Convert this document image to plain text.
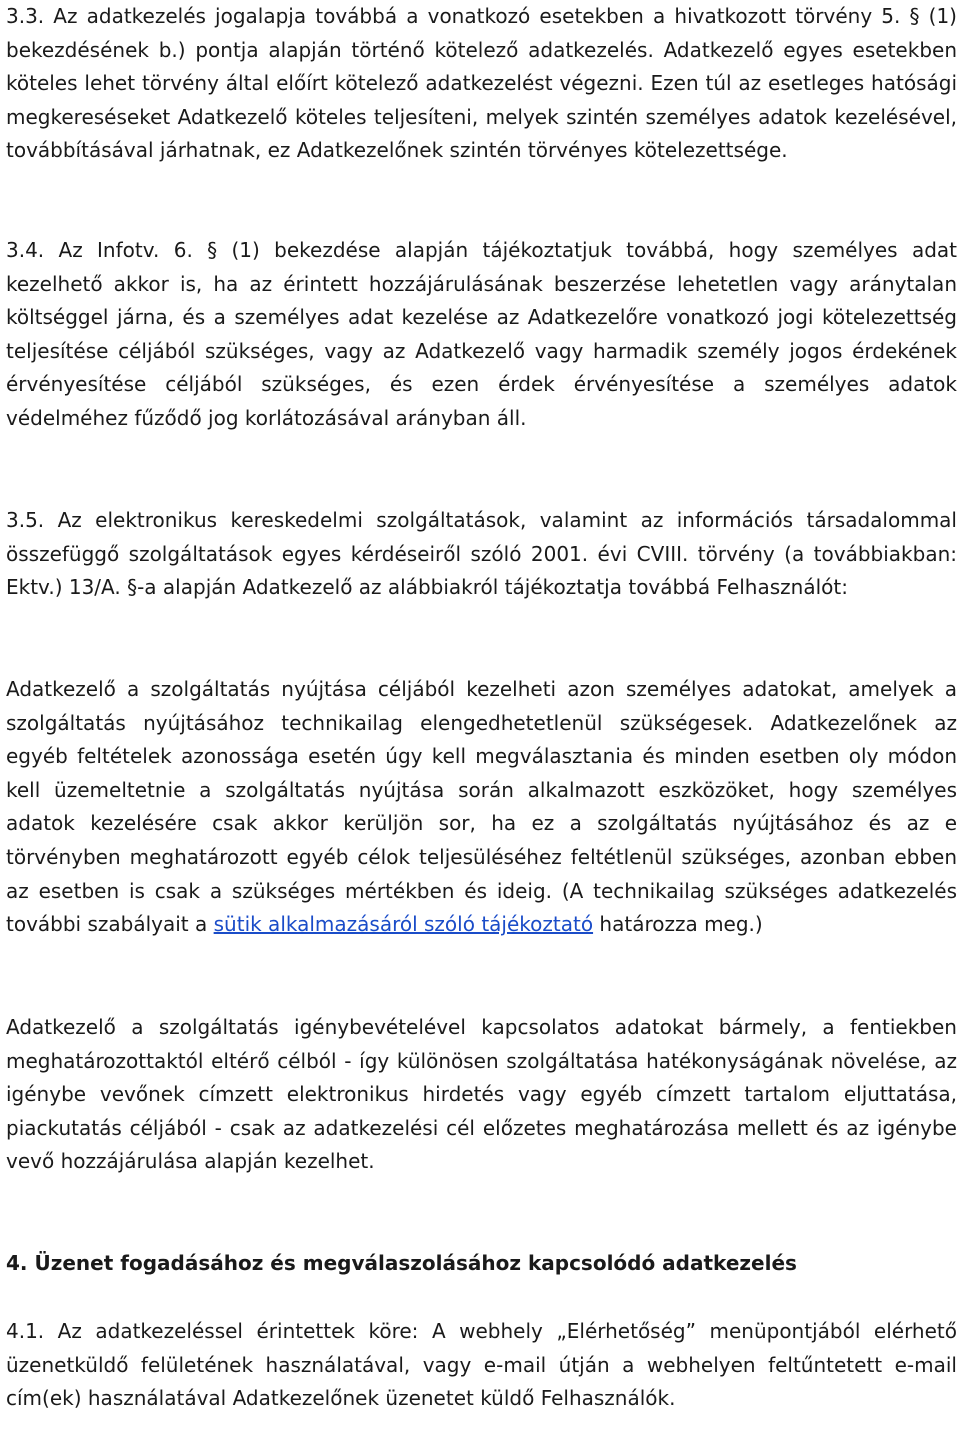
3.3. Az adatkezelés jogalapja továbbá a vonatkozó esetekben a hivatkozott törvény 5. § (1) bekezdésének b.) pontja alapján történő kötelező adatkezelés. Adatkezelő egyes esetekben köteles lehet törvény által előírt kötelező adatkezelést végezni. Ezen túl az esetleges hatósági megkereséseket Adatkezelő köteles teljesíteni, melyek szintén személyes adatok kezelésével, továbbításával járhatnak, ez Adatkezelőnek szintén törvényes kötelezettsége.

3.4. Az Infotv. 6. § (1) bekezdése alapján tájékoztatjuk továbbá, hogy személyes adat kezelhető akkor is, ha az érintett hozzájárulásának beszerzése lehetetlen vagy aránytalan költséggel járna, és a személyes adat kezelése az Adatkezelőre vonatkozó jogi kötelezettség teljesítése céljából szükséges, vagy az Adatkezelő vagy harmadik személy jogos érdekének érvényesítése céljából szükséges, és ezen érdek érvényesítése a személyes adatok védelméhez fűződő jog korlátozásával arányban áll.

3.5. Az elektronikus kereskedelmi szolgáltatások, valamint az információs társadalommal összefüggő szolgáltatások egyes kérdéseiről szóló 2001. évi CVIII. törvény (a továbbiakban: Ektv.) 13/A. §-a alapján Adatkezelő az alábbiakról tájékoztatja továbbá Felhasználót:

Adatkezelő a szolgáltatás nyújtása céljából kezelheti azon személyes adatokat, amelyek a szolgáltatás nyújtásához technikailag elengedhetetlenül szükségesek. Adatkezelőnek az egyéb feltételek azonossága esetén úgy kell megválasztania és minden esetben oly módon kell üzemeltetnie a szolgáltatás nyújtása során alkalmazott eszközöket, hogy személyes adatok kezelésére csak akkor kerüljön sor, ha ez a szolgáltatás nyújtásához és az e törvényben meghatározott egyéb célok teljesüléséhez feltétlenül szükséges, azonban ebben az esetben is csak a szükséges mértékben és ideig. (A technikailag szükséges adatkezelés további szabályait a sütik alkalmazásáról szóló tájékoztató határozza meg.)

Adatkezelő a szolgáltatás igénybevételével kapcsolatos adatokat bármely, a fentiekben meghatározottaktól eltérő célból - így különösen szolgáltatása hatékonyságának növelése, az igénybe vevőnek címzett elektronikus hirdetés vagy egyéb címzett tartalom eljuttatása, piackutatás céljából - csak az adatkezelési cél előzetes meghatározása mellett és az igénybe vevő hozzájárulása alapján kezelhet.

4. Üzenet fogadásához és megválaszolásához kapcsolódó adatkezelés

4.1. Az adatkezeléssel érintettek köre: A webhely „Elérhetőség” menüpontjából elérhető üzenetküldő felületének használatával, vagy e-mail útján a webhelyen feltűntetett e-mail cím(ek) használatával Adatkezelőnek üzenetet küldő Felhasználók.
